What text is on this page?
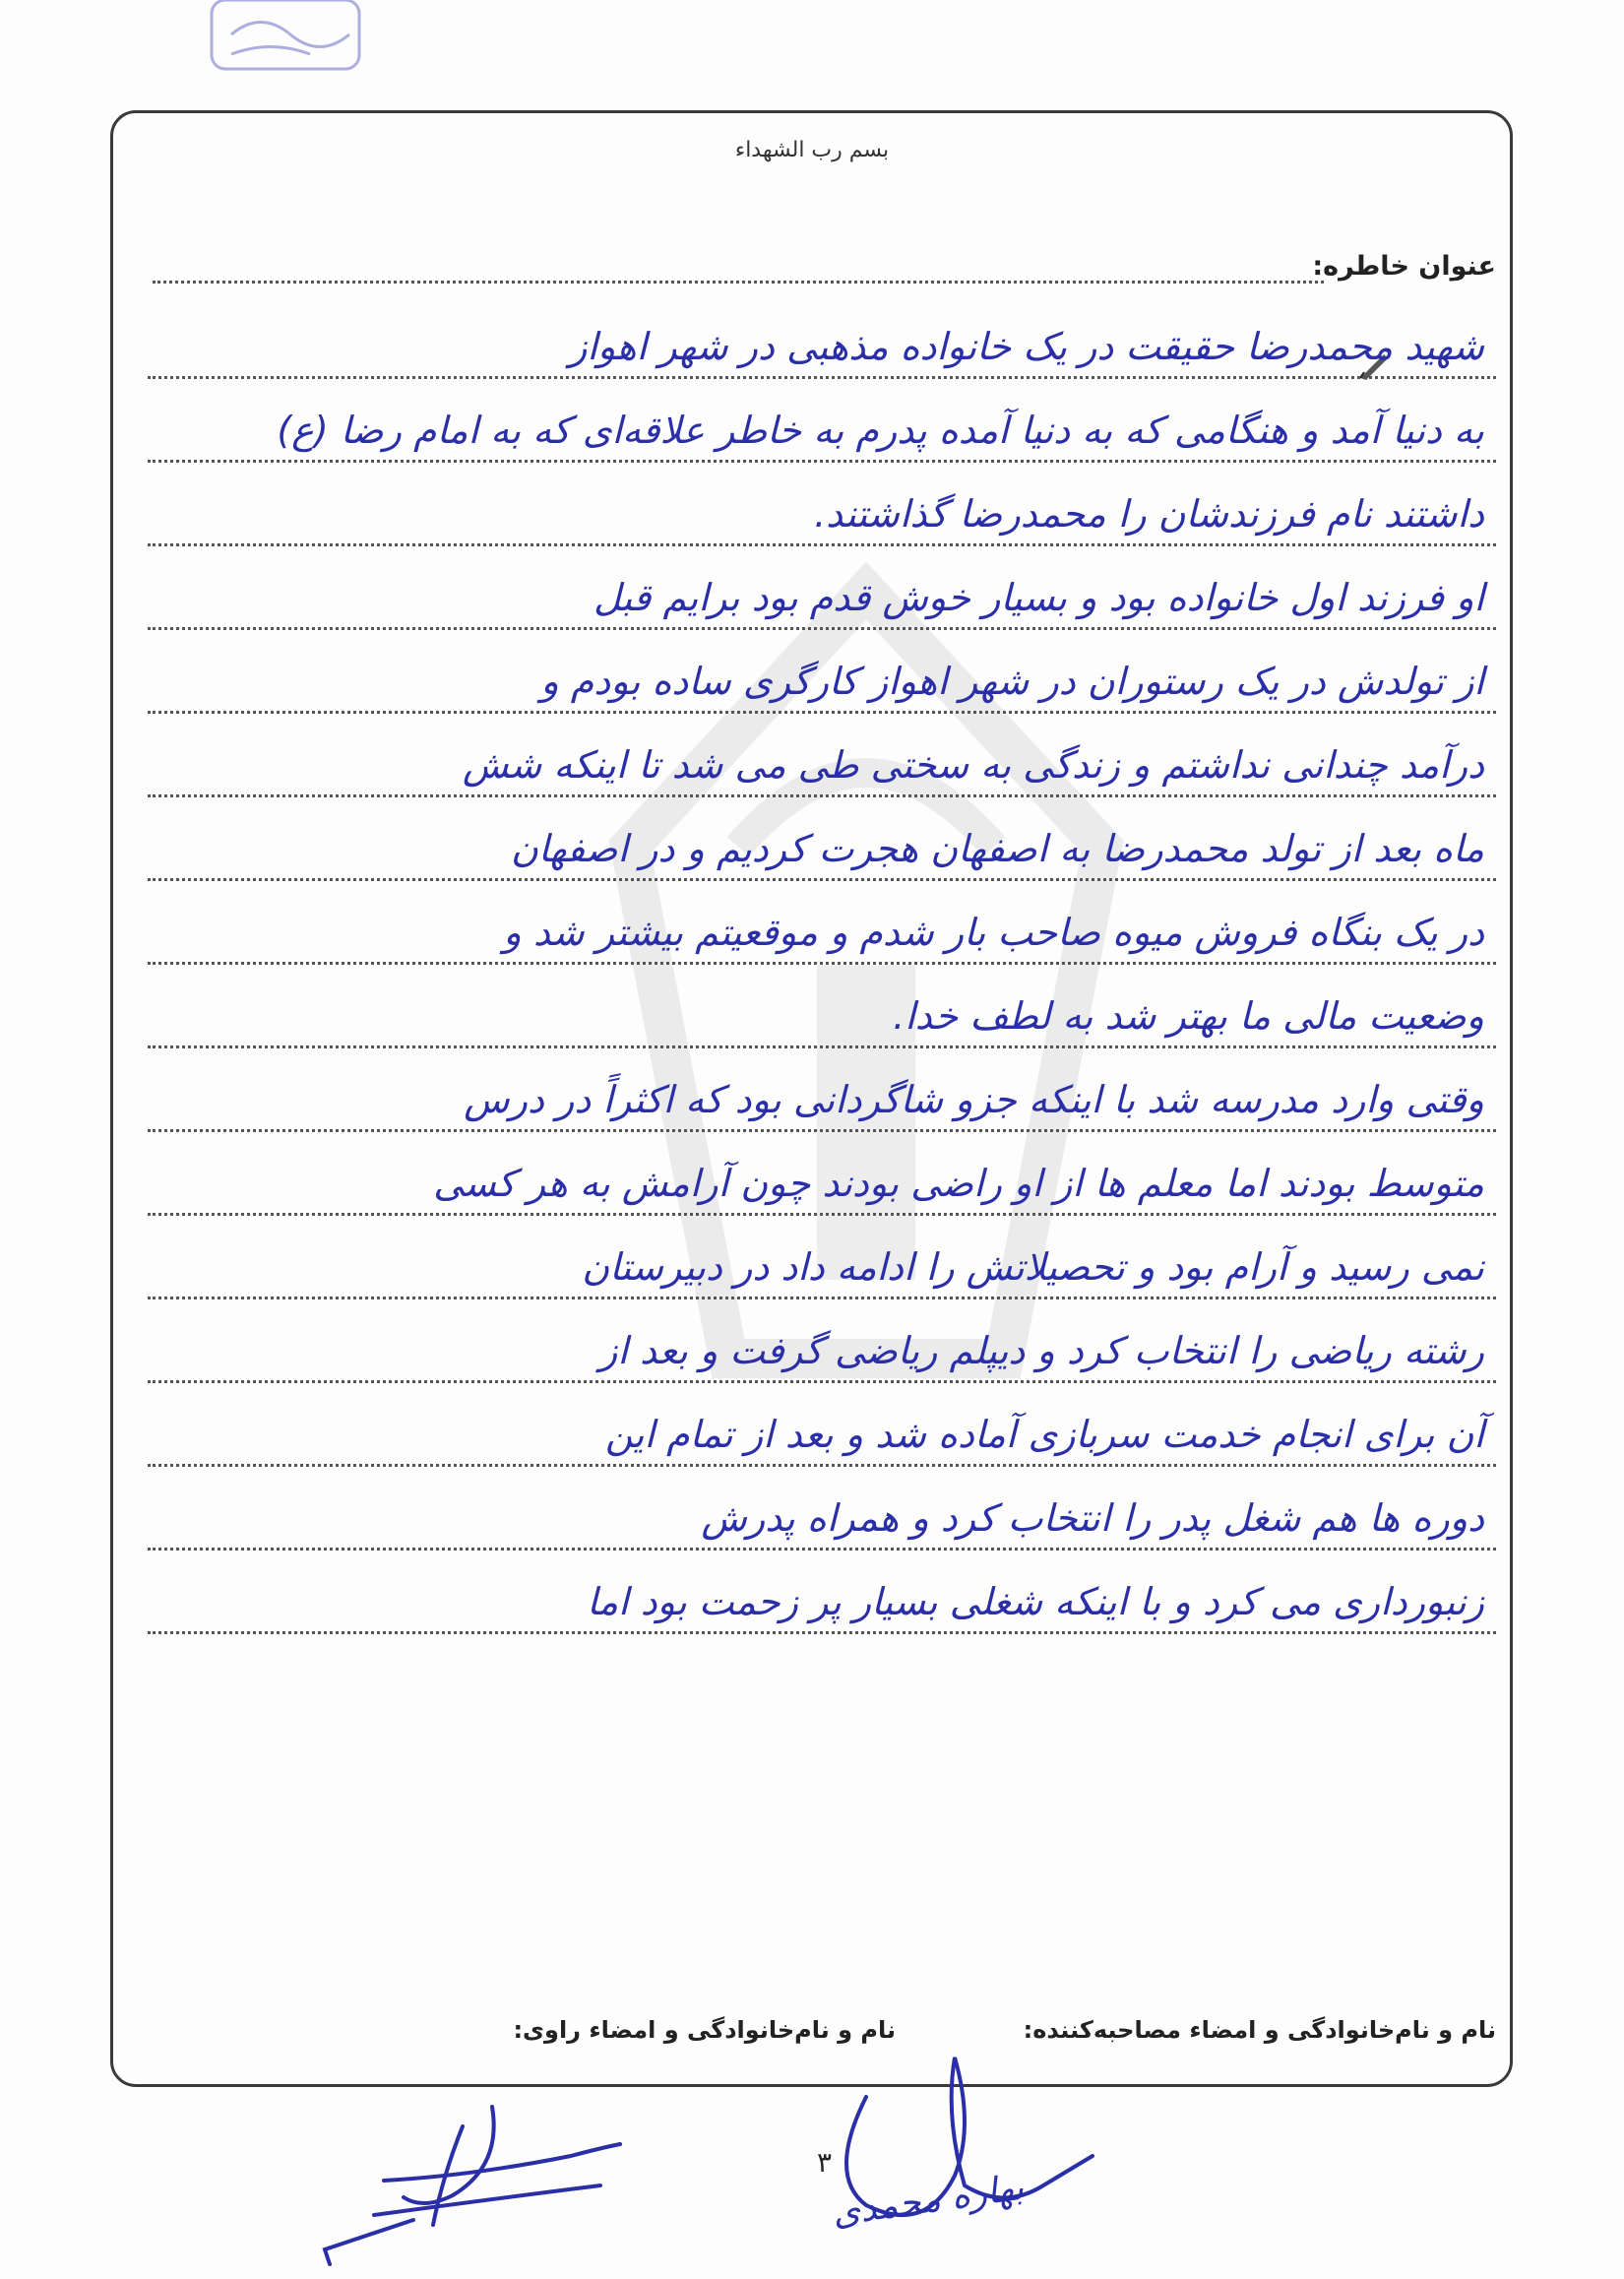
بسم رب الشهداء
عنوان خاطره:
شهید محمدرضا حقیقت در یک خانواده مذهبی در شهر اهواز
به دنیا آمد و هنگامی که به دنیا آمده پدرم به خاطر علاقه‌ای که به امام رضا (ع)
داشتند نام فرزندشان را محمدرضا گذاشتند.
او فرزند اول خانواده بود و بسیار خوش قدم بود برایم قبل
از تولدش در یک رستوران در شهر اهواز کارگری ساده بودم و
درآمد چندانی نداشتم و زندگی به سختی طی می شد تا اینکه شش
ماه بعد از تولد محمدرضا به اصفهان هجرت کردیم و در اصفهان
در یک بنگاه فروش میوه صاحب بار شدم و موقعیتم بیشتر شد و
وضعیت مالی ما بهتر شد به لطف خدا.
وقتی وارد مدرسه شد با اینکه جزو شاگردانی بود که اکثراً در درس
متوسط بودند اما معلم ها از او راضی بودند چون آرامش به هر کسی
نمی رسید و آرام بود و تحصیلاتش را ادامه داد در دبیرستان
رشته ریاضی را انتخاب کرد و دیپلم ریاضی گرفت و بعد از
آن برای انجام خدمت سربازی آماده شد و بعد از تمام این
دوره ها هم شغل پدر را انتخاب کرد و همراه پدرش
زنبورداری می کرد و با اینکه شغلی بسیار پر زحمت بود اما
نام و نام‌خانوادگی و امضاء مصاحبه‌کننده:
نام و نام‌خانوادگی و امضاء راوی:
۳
بهاره محمدی
